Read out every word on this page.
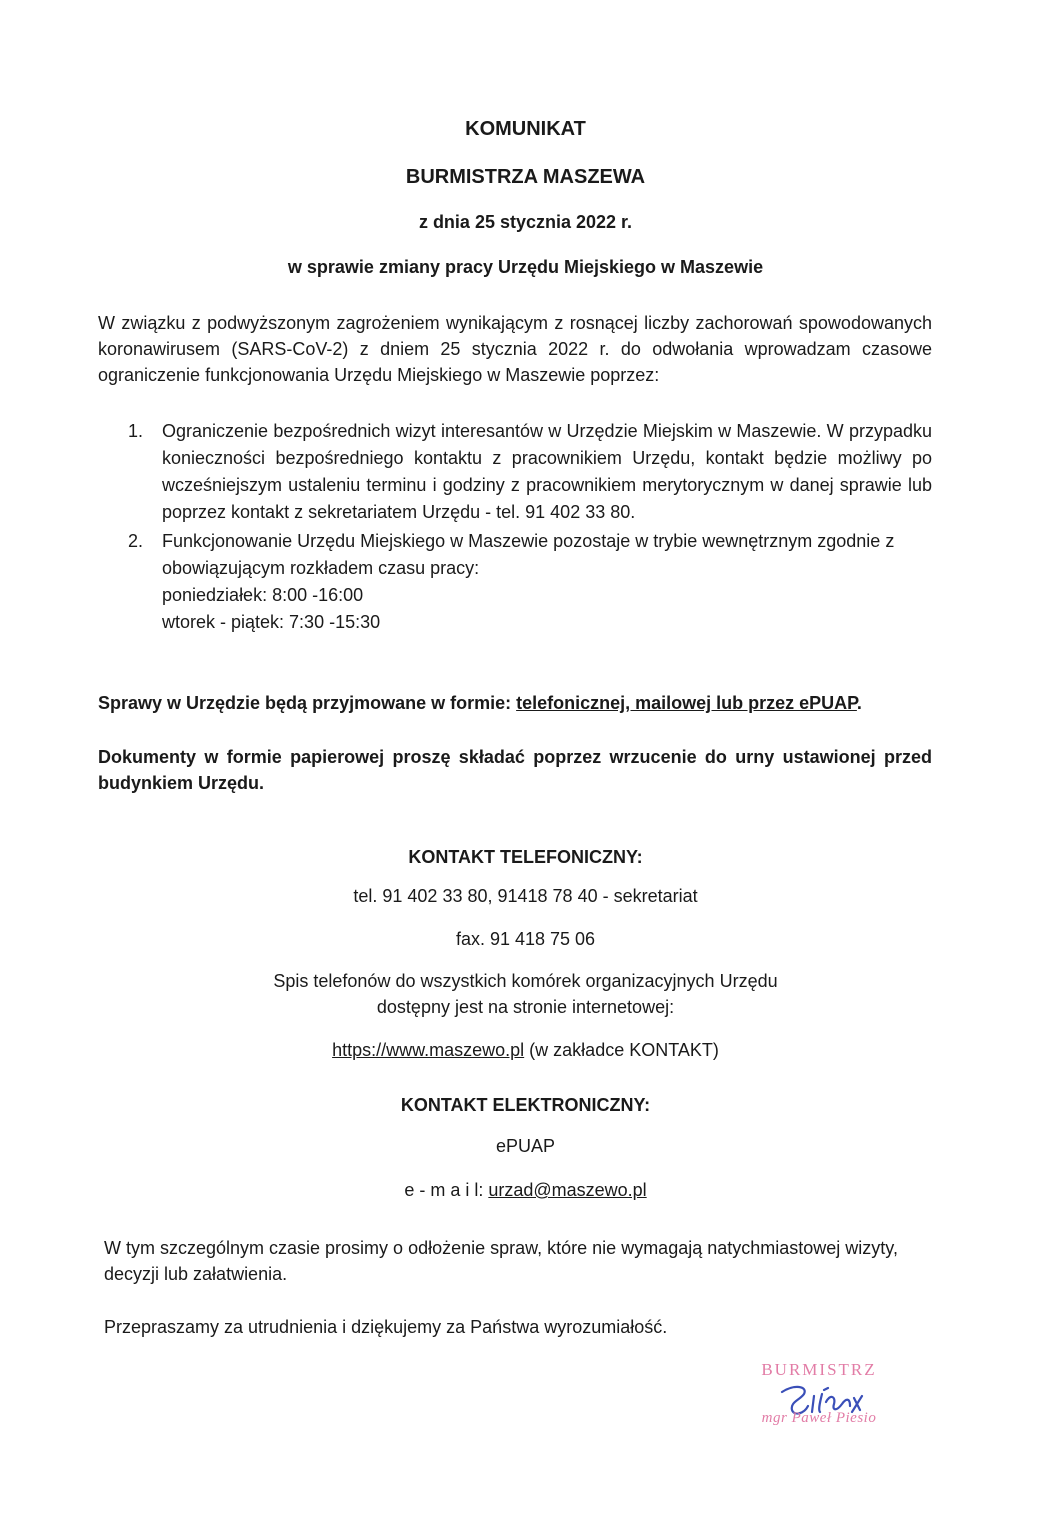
KOMUNIKAT
BURMISTRZA MASZEWA
z dnia 25 stycznia 2022 r.
w sprawie zmiany pracy Urzędu Miejskiego w Maszewie
W związku z podwyższonym zagrożeniem wynikającym z rosnącej liczby zachorowań spowodowanych koronawirusem (SARS-CoV-2) z dniem 25 stycznia 2022 r. do odwołania wprowadzam czasowe ograniczenie funkcjonowania Urzędu Miejskiego w Maszewie poprzez:
1. Ograniczenie bezpośrednich wizyt interesantów w Urzędzie Miejskim w Maszewie. W przypadku konieczności bezpośredniego kontaktu z pracownikiem Urzędu, kontakt będzie możliwy po wcześniejszym ustaleniu terminu i godziny z pracownikiem merytorycznym w danej sprawie lub poprzez kontakt z sekretariatem Urzędu - tel. 91 402 33 80.
2. Funkcjonowanie Urzędu Miejskiego w Maszewie pozostaje w trybie wewnętrznym zgodnie z obowiązującym rozkładem czasu pracy:
poniedziałek: 8:00 -16:00
wtorek - piątek: 7:30 -15:30
Sprawy w Urzędzie będą przyjmowane w formie: telefonicznej, mailowej lub przez ePUAP.
Dokumenty w formie papierowej proszę składać poprzez wrzucenie do urny ustawionej przed budynkiem Urzędu.
KONTAKT TELEFONICZNY:
tel. 91 402 33 80, 91418 78 40 - sekretariat
fax. 91 418 75 06
Spis telefonów do wszystkich komórek organizacyjnych Urzędu
dostępny jest na stronie internetowej:
https://www.maszewo.pl (w zakładce KONTAKT)
KONTAKT ELEKTRONICZNY:
ePUAP
e - m a i l: urzad@maszewo.pl
W tym szczególnym czasie prosimy o odłożenie spraw, które nie wymagają natychmiastowej wizyty, decyzji lub załatwienia.
Przepraszamy za utrudnienia i dziękujemy za Państwa wyrozumiałość.
BURMISTRZ
mgr Paweł Piesio
